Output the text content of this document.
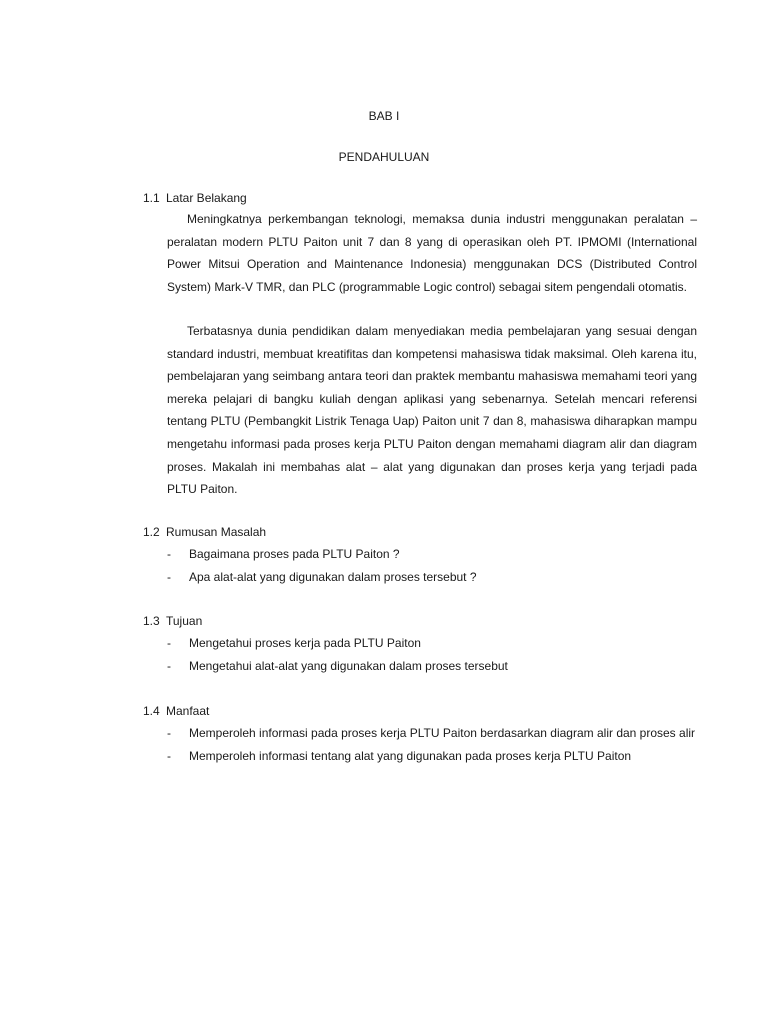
BAB I
PENDAHULUAN
1.1 Latar Belakang

Meningkatnya perkembangan teknologi, memaksa dunia industri menggunakan peralatan – peralatan modern PLTU Paiton unit 7 dan 8 yang di operasikan oleh PT. IPMOMI (International Power Mitsui Operation and Maintenance Indonesia) menggunakan DCS (Distributed Control System) Mark-V TMR, dan PLC (programmable Logic control) sebagai sitem pengendali otomatis.

Terbatasnya dunia pendidikan dalam menyediakan media pembelajaran yang sesuai dengan standard industri, membuat kreatifitas dan kompetensi mahasiswa tidak maksimal. Oleh karena itu, pembelajaran yang seimbang antara teori dan praktek membantu mahasiswa memahami teori yang mereka pelajari di bangku kuliah dengan aplikasi yang sebenarnya. Setelah mencari referensi tentang PLTU (Pembangkit Listrik Tenaga Uap) Paiton unit 7 dan 8, mahasiswa diharapkan mampu mengetahu informasi pada proses kerja PLTU Paiton dengan memahami diagram alir dan diagram proses. Makalah ini membahas alat – alat yang digunakan dan proses kerja yang terjadi pada PLTU Paiton.

1.2 Rumusan Masalah
- Bagaimana proses pada PLTU Paiton ?
- Apa alat-alat yang digunakan dalam proses tersebut ?
1.3 Tujuan
- Mengetahui proses kerja pada PLTU Paiton
- Mengetahui alat-alat yang digunakan dalam proses tersebut
1.4 Manfaat
- Memperoleh informasi pada proses kerja PLTU Paiton berdasarkan diagram alir dan proses alir
- Memperoleh informasi tentang alat yang digunakan pada proses kerja PLTU Paiton
